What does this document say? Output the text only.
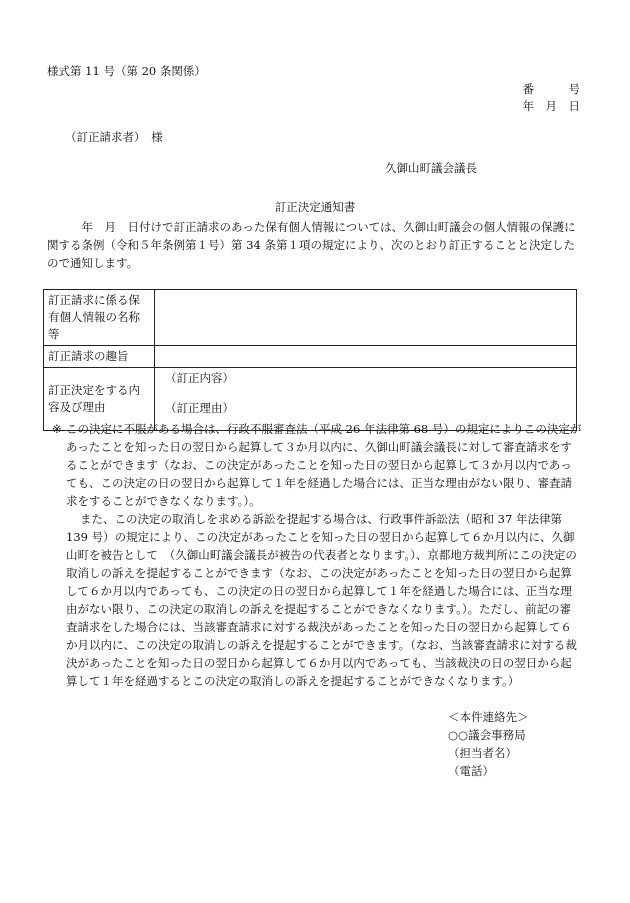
様式第 11 号（第 20 条関係）
番　　　号
年　月　日
（訂正請求者）　様
久御山町議会議長
訂正決定通知書

　　　年　月　日付けで訂正請求のあった保有個人情報については、久御山町議会の個人情報の保護に関する条例（令和５年条例第１号）第 34 条第１項の規定により、次のとおり訂正することと決定したので通知します。

訂正請求に係る保有個人情報の名称等	
訂正請求の趣旨	
訂正決定をする内容及び理由	（訂正内容）
（訂正理由）
※ この決定に不服がある場合は、行政不服審査法（平成 26 年法律第 68 号）の規定によりこの決定があったことを知った日の翌日から起算して３か月以内に、久御山町議会議長に対して審査請求をすることができます（なお、この決定があったことを知った日の翌日から起算して３か月以内であっても、この決定の日の翌日から起算して１年を経過した場合には、正当な理由がない限り、審査請求をすることができなくなります。）。

また、この決定の取消しを求める訴訟を提起する場合は、行政事件訴訟法（昭和 37 年法律第 139 号）の規定により、この決定があったことを知った日の翌日から起算して６か月以内に、久御山町を被告として　（久御山町議会議長が被告の代表者となります。）、京都地方裁判所にこの決定の取消しの訴えを提起することができます（なお、この決定があったことを知った日の翌日から起算して６か月以内であっても、この決定の日の翌日から起算して１年を経過した場合には、正当な理由がない限り、この決定の取消しの訴えを提起することができなくなります。）。ただし、前記の審査請求をした場合には、当該審査請求に対する裁決があったことを知った日の翌日から起算して６か月以内に、この決定の取消しの訴えを提起することができます。（なお、当該審査請求に対する裁決があったことを知った日の翌日から起算して６か月以内であっても、当該裁決の日の翌日から起算して１年を経過するとこの決定の取消しの訴えを提起することができなくなります。）

＜本件連絡先＞
○○議会事務局
（担当者名）
（電話）
